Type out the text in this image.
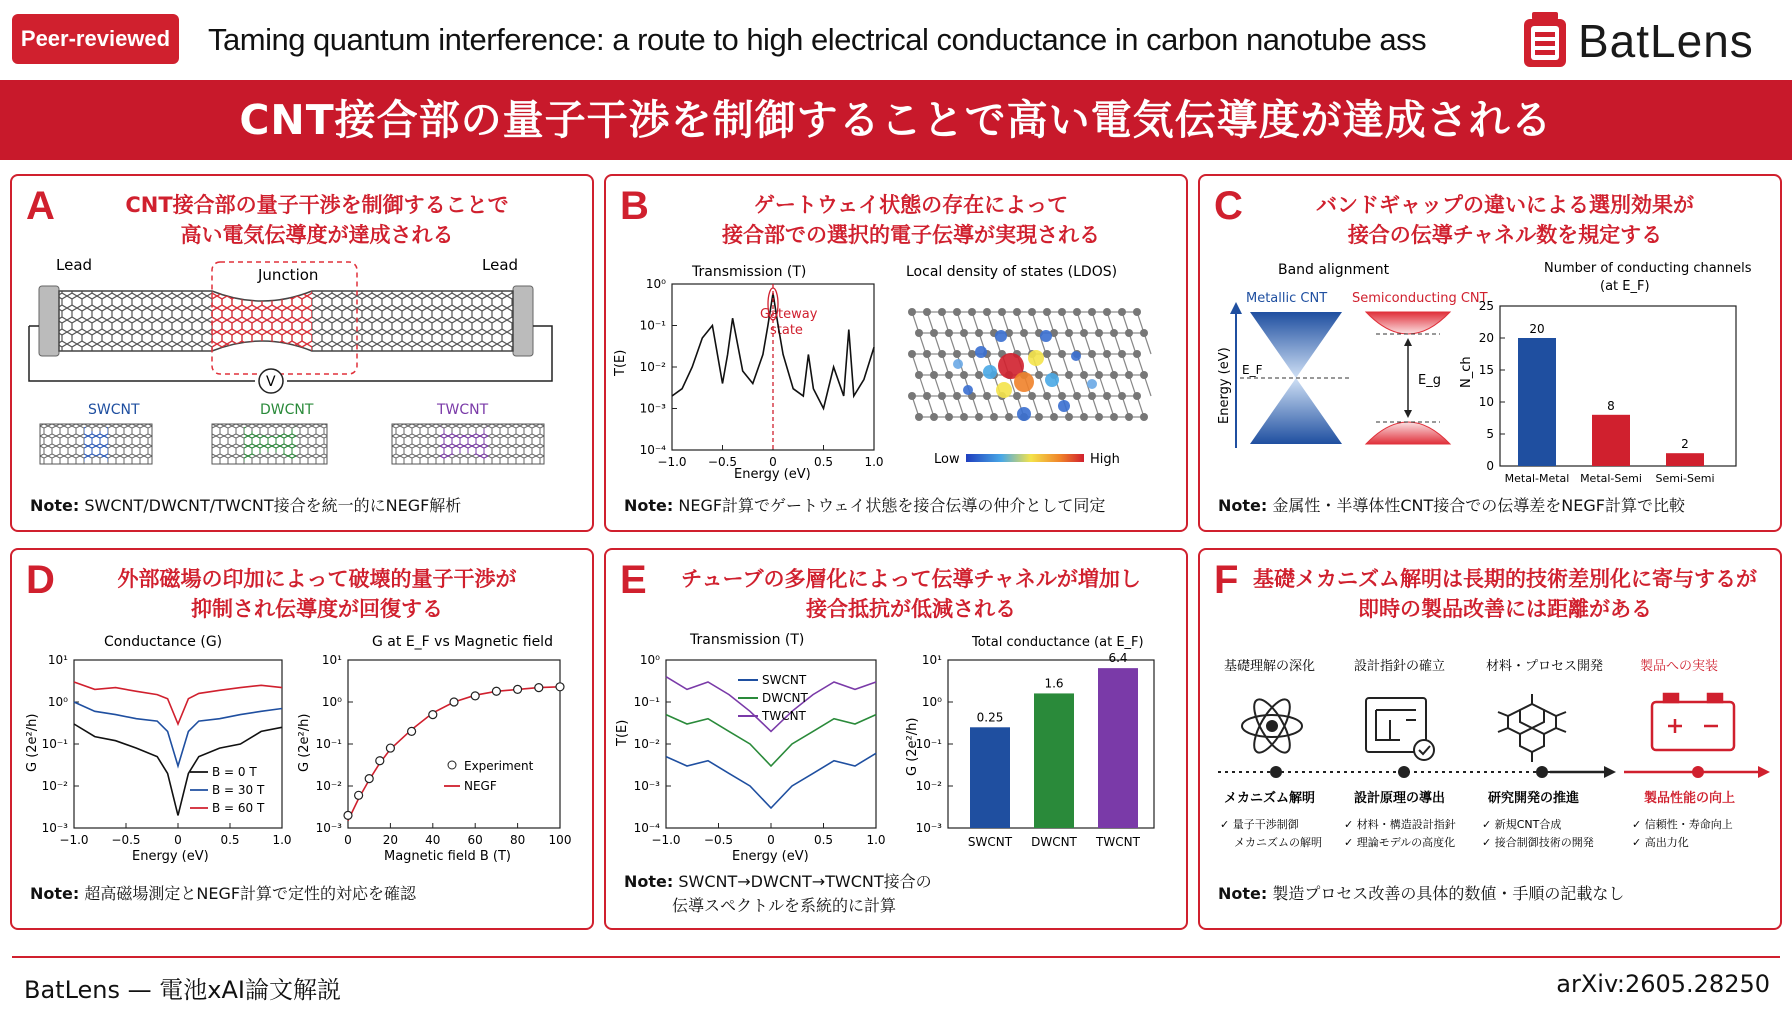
Peer-reviewed Taming quantum interference: a route to high electrical conductance in carbon nanotube ass	BatLens
CNT接合部の量子干渉を制御することで高い電気伝導度が達成される
A	CNT接合部の量子干渉を制御することで
高い電気伝導度が達成される
Lead	Lead
Junction
V
SWCNT	DWCNT	TWCNT
Note: SWCNT/DWCNT/TWCNT接合を統一的にNEGF解析
B	ゲートウェイ状態の存在によって
接合部での選択的電子伝導が実現される
Transmission (T)
T(E)
Energy (eV)
Gateway
state
Local density of states (LDOS)
Low	High
10⁰
10⁻¹
10⁻²
10⁻³
10⁻⁴
−1.0 −0.5	0	0.5	1.0
Note: NEGF計算でゲートウェイ状態を接合伝導の仲介として同定
C	バンドギャップの違いによる選別効果が
接合の伝導チャネル数を規定する
Band alignment
Metallic CNT Semiconducting CNT
Energy (eV) E_F
E_g
Number of conducting channels
(at E_F)
N_ch
0
5
10
15
20
25
20
Metal-Metal
8
Metal-Semi
2
Semi-Semi
Note: 金属性・半導体性CNT接合での伝導差をNEGF計算で比較
D	外部磁場の印加によって破壊的量子干渉が
抑制され伝導度が回復する
Conductance (G)
G (2e²/h)
Energy (eV)
G at E_F vs Magnetic field
G (2e²/h)
Magnetic field B (T)
10¹
10⁰
10⁻¹
10⁻²
10⁻³
−1.0 −0.5	0	0.5	1.0
B = 0 T
B = 30 T
B = 60 T
10¹
10⁰
10⁻¹
10⁻²
10⁻³
0	20 40 60 80 100
Experiment
NEGF
Note: 超高磁場測定とNEGF計算で定性的対応を確認
E	チューブの多層化によって伝導チャネルが増加し
接合抵抗が低減される
Transmission (T)
T(E)
Energy (eV)
Total conductance (at E_F)
G (2e²/h)
10⁰
10⁻¹
10⁻²
10⁻³
10⁻⁴
−1.0 −0.5	0	0.5	1.0
SWCNT
DWCNT
TWCNT
10¹
10⁰
10⁻¹
10⁻²
10⁻³
0.25
SWCNT
1.6
DWCNT
6.4
TWCNT
Note: SWCNT→DWCNT→TWCNT接合の
伝導スペクトルを系統的に計算
F 基礎メカニズム解明は長期的技術差別化に寄与するが
即時の製品改善には距離がある
基礎理解の深化	設計指針の確立	材料・プロセス開発	製品への実装
メカニズム解明	設計原理の導出	研究開発の推進	製品性能の向上
✓ 量子干渉制御
メカニズムの解明
✓ 材料・構造設計指針
✓ 理論モデルの高度化
✓ 新規CNT合成
✓ 接合制御技術の開発
✓ 信頼性・寿命向上
✓ 高出力化
Note: 製造プロセス改善の具体的数値・手順の記載なし
BatLens — 電池xAI論文解説	arXiv:2605.28250
